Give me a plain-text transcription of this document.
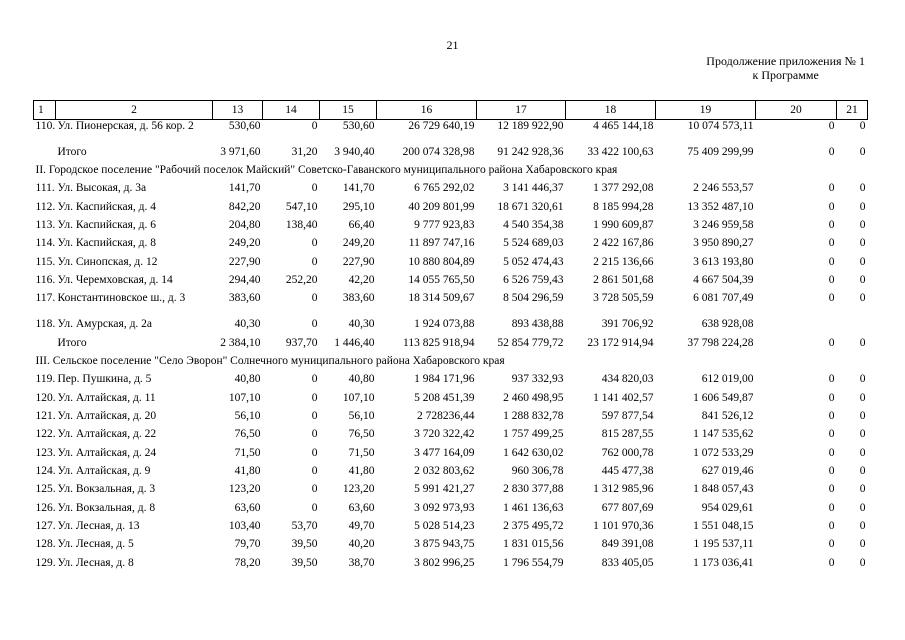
21
Продолжение приложения № 1
к Программе
1	2	13	14	15	16	17	18	19	20	21
110.	Ул. Пионерская, д. 56 кор. 2	530,60	0	530,60	26 729 640,19	12 189 922,90	4 465 144,18	10 074 573,11	0	0
	Итого	3 971,60	31,20	3 940,40	200 074 328,98	91 242 928,36	33 422 100,63	75 409 299,99	0	0
II. Городское поселение "Рабочий поселок Майский" Советско-Гаванского муниципального района Хабаровского края										
111.	Ул. Высокая, д. 3а	141,70	0	141,70	6 765 292,02	3 141 446,37	1 377 292,08	2 246 553,57	0	0
112.	Ул. Каспийская, д. 4	842,20	547,10	295,10	40 209 801,99	18 671 320,61	8 185 994,28	13 352 487,10	0	0
113.	Ул. Каспийская, д. 6	204,80	138,40	66,40	9 777 923,83	4 540 354,38	1 990 609,87	3 246 959,58	0	0
114.	Ул. Каспийская, д. 8	249,20	0	249,20	11 897 747,16	5 524 689,03	2 422 167,86	3 950 890,27	0	0
115.	Ул. Синопская, д. 12	227,90	0	227,90	10 880 804,89	5 052 474,43	2 215 136,66	3 613 193,80	0	0
116.	Ул. Черемховская, д. 14	294,40	252,20	42,20	14 055 765,50	6 526 759,43	2 861 501,68	4 667 504,39	0	0
117.	Константиновское ш., д. 3	383,60	0	383,60	18 314 509,67	8 504 296,59	3 728 505,59	6 081 707,49	0	0
118.	Ул. Амурская, д. 2а	40,30	0	40,30	1 924 073,88	893 438,88	391 706,92	638 928,08		
	Итого	2 384,10	937,70	1 446,40	113 825 918,94	52 854 779,72	23 172 914,94	37 798 224,28	0	0
III. Сельское поселение "Село Эворон" Солнечного муниципального района Хабаровского края										
119.	Пер. Пушкина, д. 5	40,80	0	40,80	1 984 171,96	937 332,93	434 820,03	612 019,00	0	0
120.	Ул. Алтайская, д. 11	107,10	0	107,10	5 208 451,39	2 460 498,95	1 141 402,57	1 606 549,87	0	0
121.	Ул. Алтайская, д. 20	56,10	0	56,10	2 728236,44	1 288 832,78	597 877,54	841 526,12	0	0
122.	Ул. Алтайская, д. 22	76,50	0	76,50	3 720 322,42	1 757 499,25	815 287,55	1 147 535,62	0	0
123.	Ул. Алтайская, д. 24	71,50	0	71,50	3 477 164,09	1 642 630,02	762 000,78	1 072 533,29	0	0
124.	Ул. Алтайская, д. 9	41,80	0	41,80	2 032 803,62	960 306,78	445 477,38	627 019,46	0	0
125.	Ул. Вокзальная, д. 3	123,20	0	123,20	5 991 421,27	2 830 377,88	1 312 985,96	1 848 057,43	0	0
126.	Ул. Вокзальная, д. 8	63,60	0	63,60	3 092 973,93	1 461 136,63	677 807,69	954 029,61	0	0
127.	Ул. Лесная, д. 13	103,40	53,70	49,70	5 028 514,23	2 375 495,72	1 101 970,36	1 551 048,15	0	0
128.	Ул. Лесная, д. 5	79,70	39,50	40,20	3 875 943,75	1 831 015,56	849 391,08	1 195 537,11	0	0
129.	Ул. Лесная, д. 8	78,20	39,50	38,70	3 802 996,25	1 796 554,79	833 405,05	1 173 036,41	0	0
